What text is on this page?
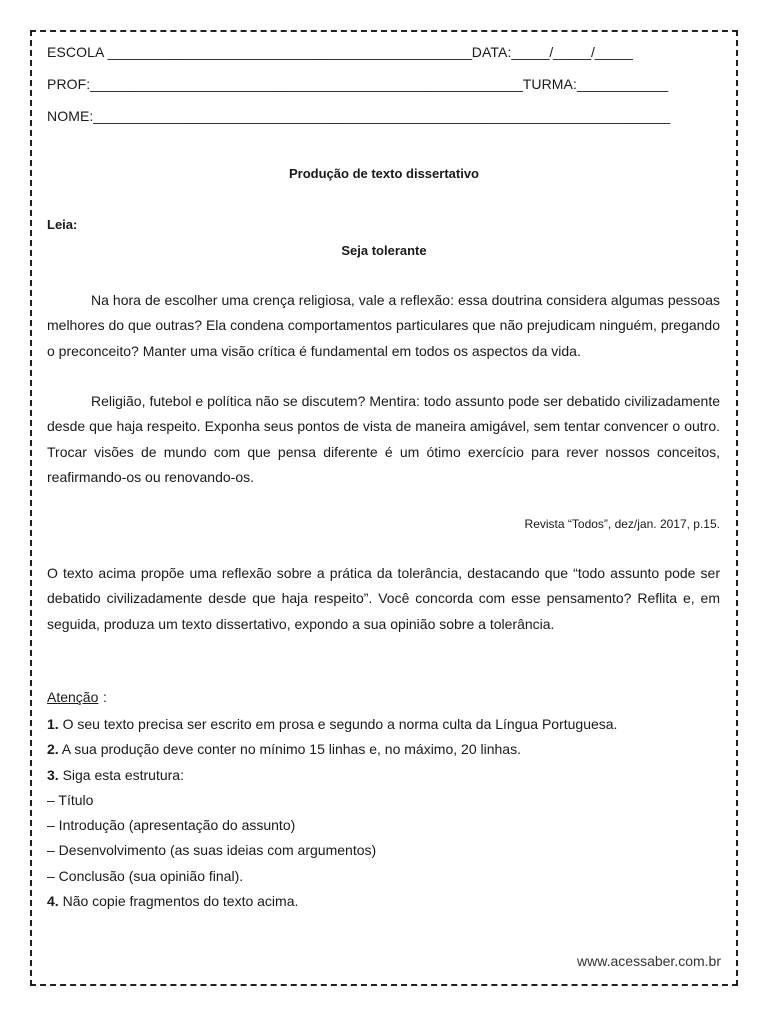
ESCOLA ________________________________________________DATA:_____/_____/_____
PROF:_________________________________________________________TURMA:____________
NOME:____________________________________________________________________________
Produção de texto dissertativo
Leia:
Seja tolerante
Na hora de escolher uma crença religiosa, vale a reflexão: essa doutrina considera algumas pessoas melhores do que outras? Ela condena comportamentos particulares que não prejudicam ninguém, pregando o preconceito? Manter uma visão crítica é fundamental em todos os aspectos da vida.
Religião, futebol e política não se discutem? Mentira: todo assunto pode ser debatido civilizadamente desde que haja respeito. Exponha seus pontos de vista de maneira amigável, sem tentar convencer o outro. Trocar visões de mundo com que pensa diferente é um ótimo exercício para rever nossos conceitos, reafirmando-os ou renovando-os.
Revista “Todos”, dez/jan. 2017, p.15.
O texto acima propõe uma reflexão sobre a prática da tolerância, destacando que “todo assunto pode ser debatido civilizadamente desde que haja respeito”. Você concorda com esse pensamento? Reflita e, em seguida, produza um texto dissertativo, expondo a sua opinião sobre a tolerância.
Atenção :
1. O seu texto precisa ser escrito em prosa e segundo a norma culta da Língua Portuguesa.
2. A sua produção deve conter no mínimo 15 linhas e, no máximo, 20 linhas.
3. Siga esta estrutura:
– Título
– Introdução (apresentação do assunto)
– Desenvolvimento (as suas ideias com argumentos)
– Conclusão (sua opinião final).
4. Não copie fragmentos do texto acima.
www.acessaber.com.br
